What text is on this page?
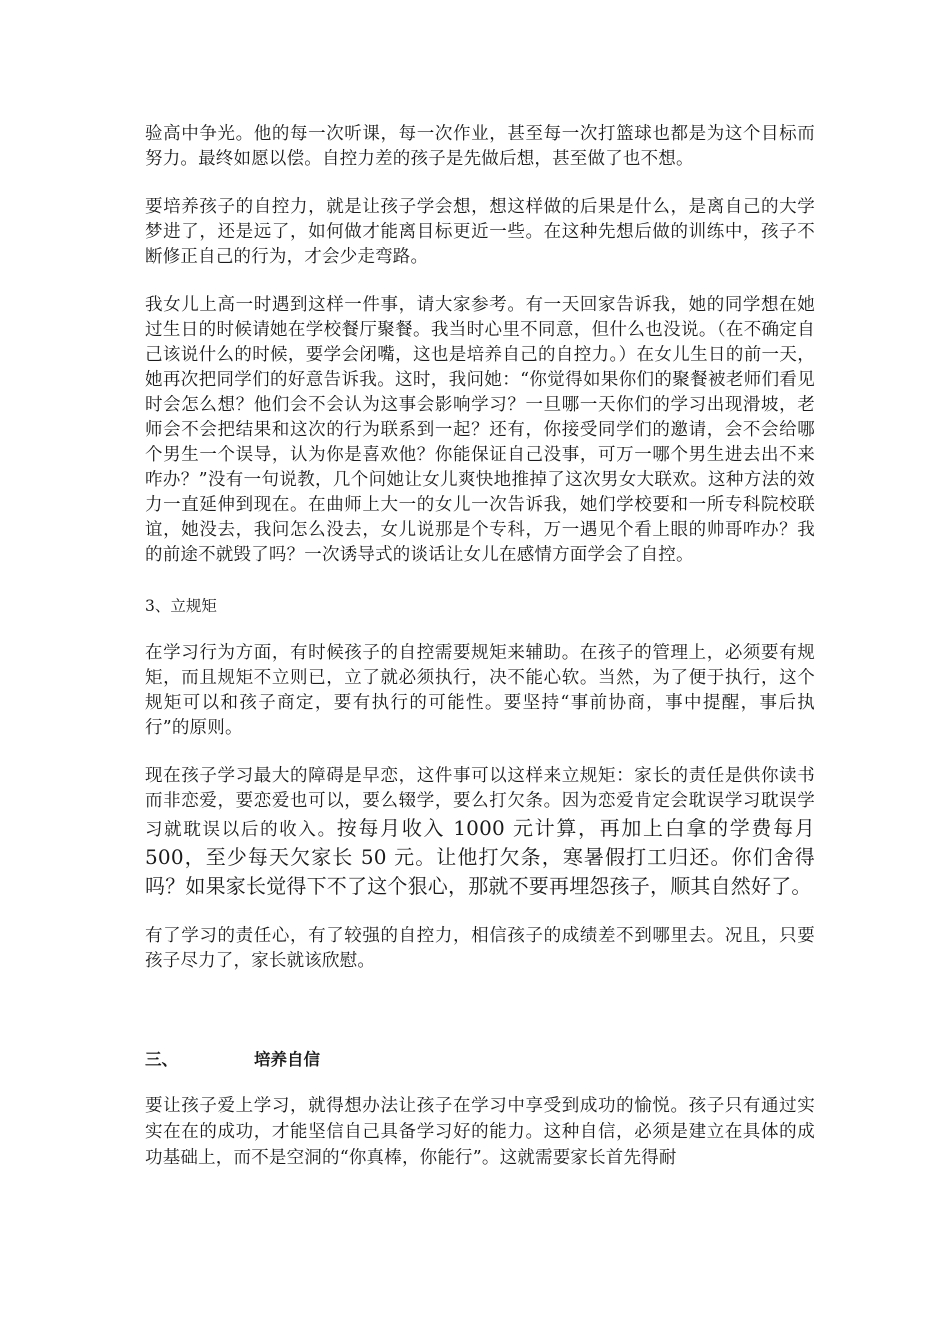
验高中争光。他的每一次听课，每一次作业，甚至每一次打篮球也都是为这个目标而努力。最终如愿以偿。自控力差的孩子是先做后想，甚至做了也不想。

要培养孩子的自控力，就是让孩子学会想，想这样做的后果是什么，是离自己的大学梦进了，还是远了，如何做才能离目标更近一些。在这种先想后做的训练中，孩子不断修正自己的行为，才会少走弯路。

我女儿上高一时遇到这样一件事，请大家参考。有一天回家告诉我，她的同学想在她过生日的时候请她在学校餐厅聚餐。我当时心里不同意，但什么也没说。（在不确定自己该说什么的时候，要学会闭嘴，这也是培养自己的自控力。）在女儿生日的前一天，她再次把同学们的好意告诉我。这时，我问她：“你觉得如果你们的聚餐被老师们看见时会怎么想？他们会不会认为这事会影响学习？一旦哪一天你们的学习出现滑坡，老师会不会把结果和这次的行为联系到一起？还有，你接受同学们的邀请，会不会给哪个男生一个误导，认为你是喜欢他？你能保证自己没事，可万一哪个男生进去出不来咋办？”没有一句说教，几个问她让女儿爽快地推掉了这次男女大联欢。这种方法的效力一直延伸到现在。在曲师上大一的女儿一次告诉我，她们学校要和一所专科院校联谊，她没去，我问怎么没去，女儿说那是个专科，万一遇见个看上眼的帅哥咋办？我的前途不就毁了吗？一次诱导式的谈话让女儿在感情方面学会了自控。

3、立规矩

在学习行为方面，有时候孩子的自控需要规矩来辅助。在孩子的管理上，必须要有规矩，而且规矩不立则已，立了就必须执行，决不能心软。当然，为了便于执行，这个规矩可以和孩子商定，要有执行的可能性。要坚持“事前协商，事中提醒，事后执行”的原则。

现在孩子学习最大的障碍是早恋，这件事可以这样来立规矩：家长的责任是供你读书而非恋爱，要恋爱也可以，要么辍学，要么打欠条。因为恋爱肯定会耽误学习耽误学习就耽误以后的收入。按每月收入 1000 元计算，再加上白拿的学费每月 500，至少每天欠家长 50 元。让他打欠条，寒暑假打工归还。你们舍得吗？如果家长觉得下不了这个狠心，那就不要再埋怨孩子，顺其自然好了。

有了学习的责任心，有了较强的自控力，相信孩子的成绩差不到哪里去。况且，只要孩子尽力了，家长就该欣慰。

三、	培养自信

要让孩子爱上学习，就得想办法让孩子在学习中享受到成功的愉悦。孩子只有通过实实在在的成功，才能坚信自己具备学习好的能力。这种自信，必须是建立在具体的成功基础上，而不是空洞的“你真棒，你能行”。这就需要家长首先得耐
